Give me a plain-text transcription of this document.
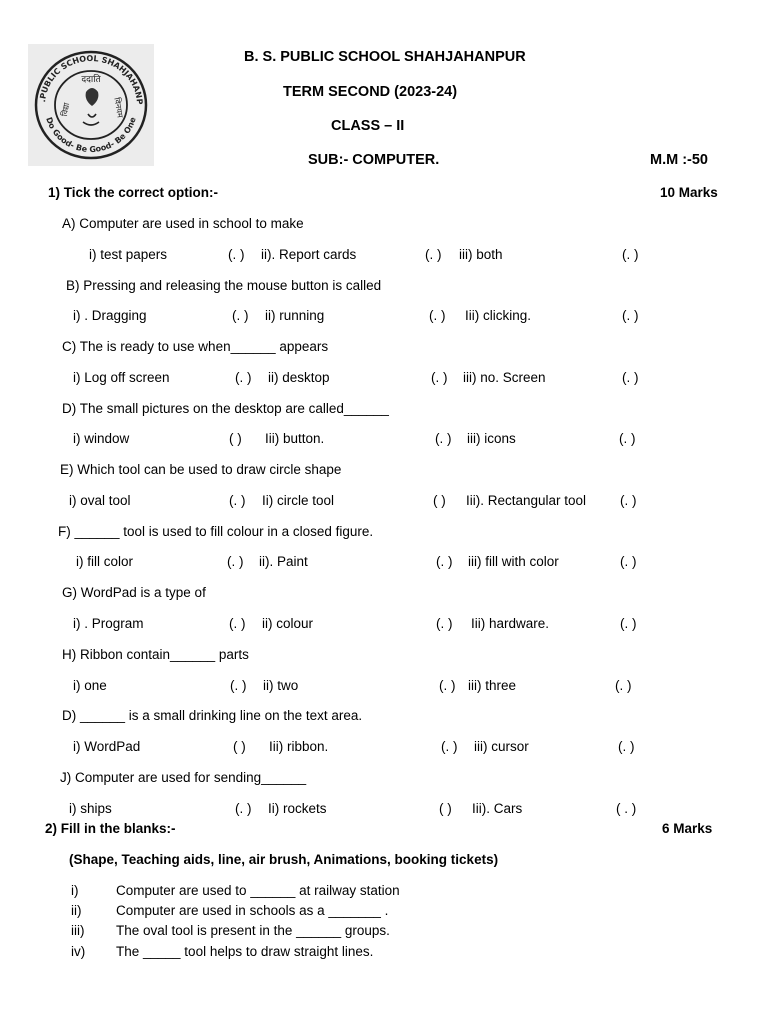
.PUBLIC SCHOOL SHAHJAHANP
Do Good- Be Good- Be One
ददाति
विद्या	विनयम
B. S. PUBLIC SCHOOL SHAHJAHANPUR
TERM SECOND (2023-24)
CLASS – II
SUB:- COMPUTER.	M.M :-50
1) Tick the correct option:-	10 Marks
A) Computer are used in school to make
i) test papers	(. ) ii). Report cards	(. ) iii) both	(. )
B) Pressing and releasing the mouse button is called
i) . Dragging	(. ) ii) running	(. ) Iii) clicking.	(. )
C) The is ready to use when______ appears
i) Log off screen	(. ) ii) desktop	(. ) iii) no. Screen	(. )
D) The small pictures on the desktop are called______
i) window	( ) Iii) button.	(. ) iii) icons	(. )
E) Which tool can be used to draw circle shape
i) oval tool	(. ) Ii) circle tool	( ) Iii). Rectangular tool	(. )
F) ______ tool is used to fill colour in a closed figure.
i) fill color	(. ) ii). Paint	(. ) iii) fill with color	(. )
G) WordPad is a type of
i) . Program	(. ) ii) colour	(. ) Iii) hardware.	(. )
H) Ribbon contain______ parts
i) one	(. ) ii) two	(. ) iii) three	(. )
D) ______ is a small drinking line on the text area.
i) WordPad	( ) Iii) ribbon.	(. ) iii) cursor	(. )
J) Computer are used for sending______
i) ships	(. ) Ii) rockets	( ) Iii). Cars	( . )
2) Fill in the blanks:-	6 Marks
(Shape, Teaching aids, line, air brush, Animations, booking tickets)
i)	Computer are used to ______ at railway station
ii)	Computer are used in schools as a _______ .
iii) The oval tool is present in the ______ groups.
iv) The _____ tool helps to draw straight lines.
